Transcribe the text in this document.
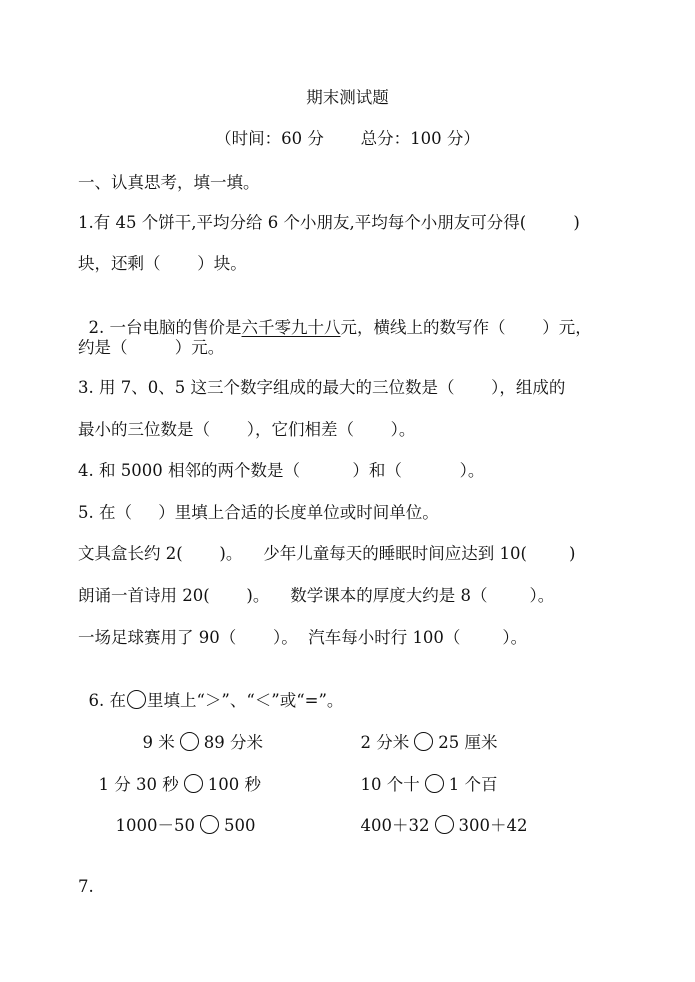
期末测试题
（时间：60 分       总分：100 分）
一、认真思考，填一填。
1.有 45 个饼干,平均分给 6 个小朋友,平均每个小朋友可分得(         )
块，还剩（       ）块。

2. 一台电脑的售价是六千零九十八元，横线上的数写作（       ）元，

约是（         ）元。
3. 用 7、0、5 这三个数字组成的最大的三位数是（       ），组成的
最小的三位数是（       ），它们相差（       ）。
4. 和 5000 相邻的两个数是（          ）和（           ）。
5. 在（     ）里填上合适的长度单位或时间单位。
文具盒长约 2(       )。    少年儿童每天的睡眠时间应达到 10(        )
朗诵一首诗用 20(       )。    数学课本的厚度大约是 8（        ）。
一场足球赛用了 90（       ）。  汽车每小时行 100（        ）。

6. 在 里填上“＞”、“＜”或“=”。

9 米 89 分米	2 分米 25 厘米

1 分 30 秒 100 秒	10 个十 1 个百

1000－50 500	400＋32 300＋42

7.
